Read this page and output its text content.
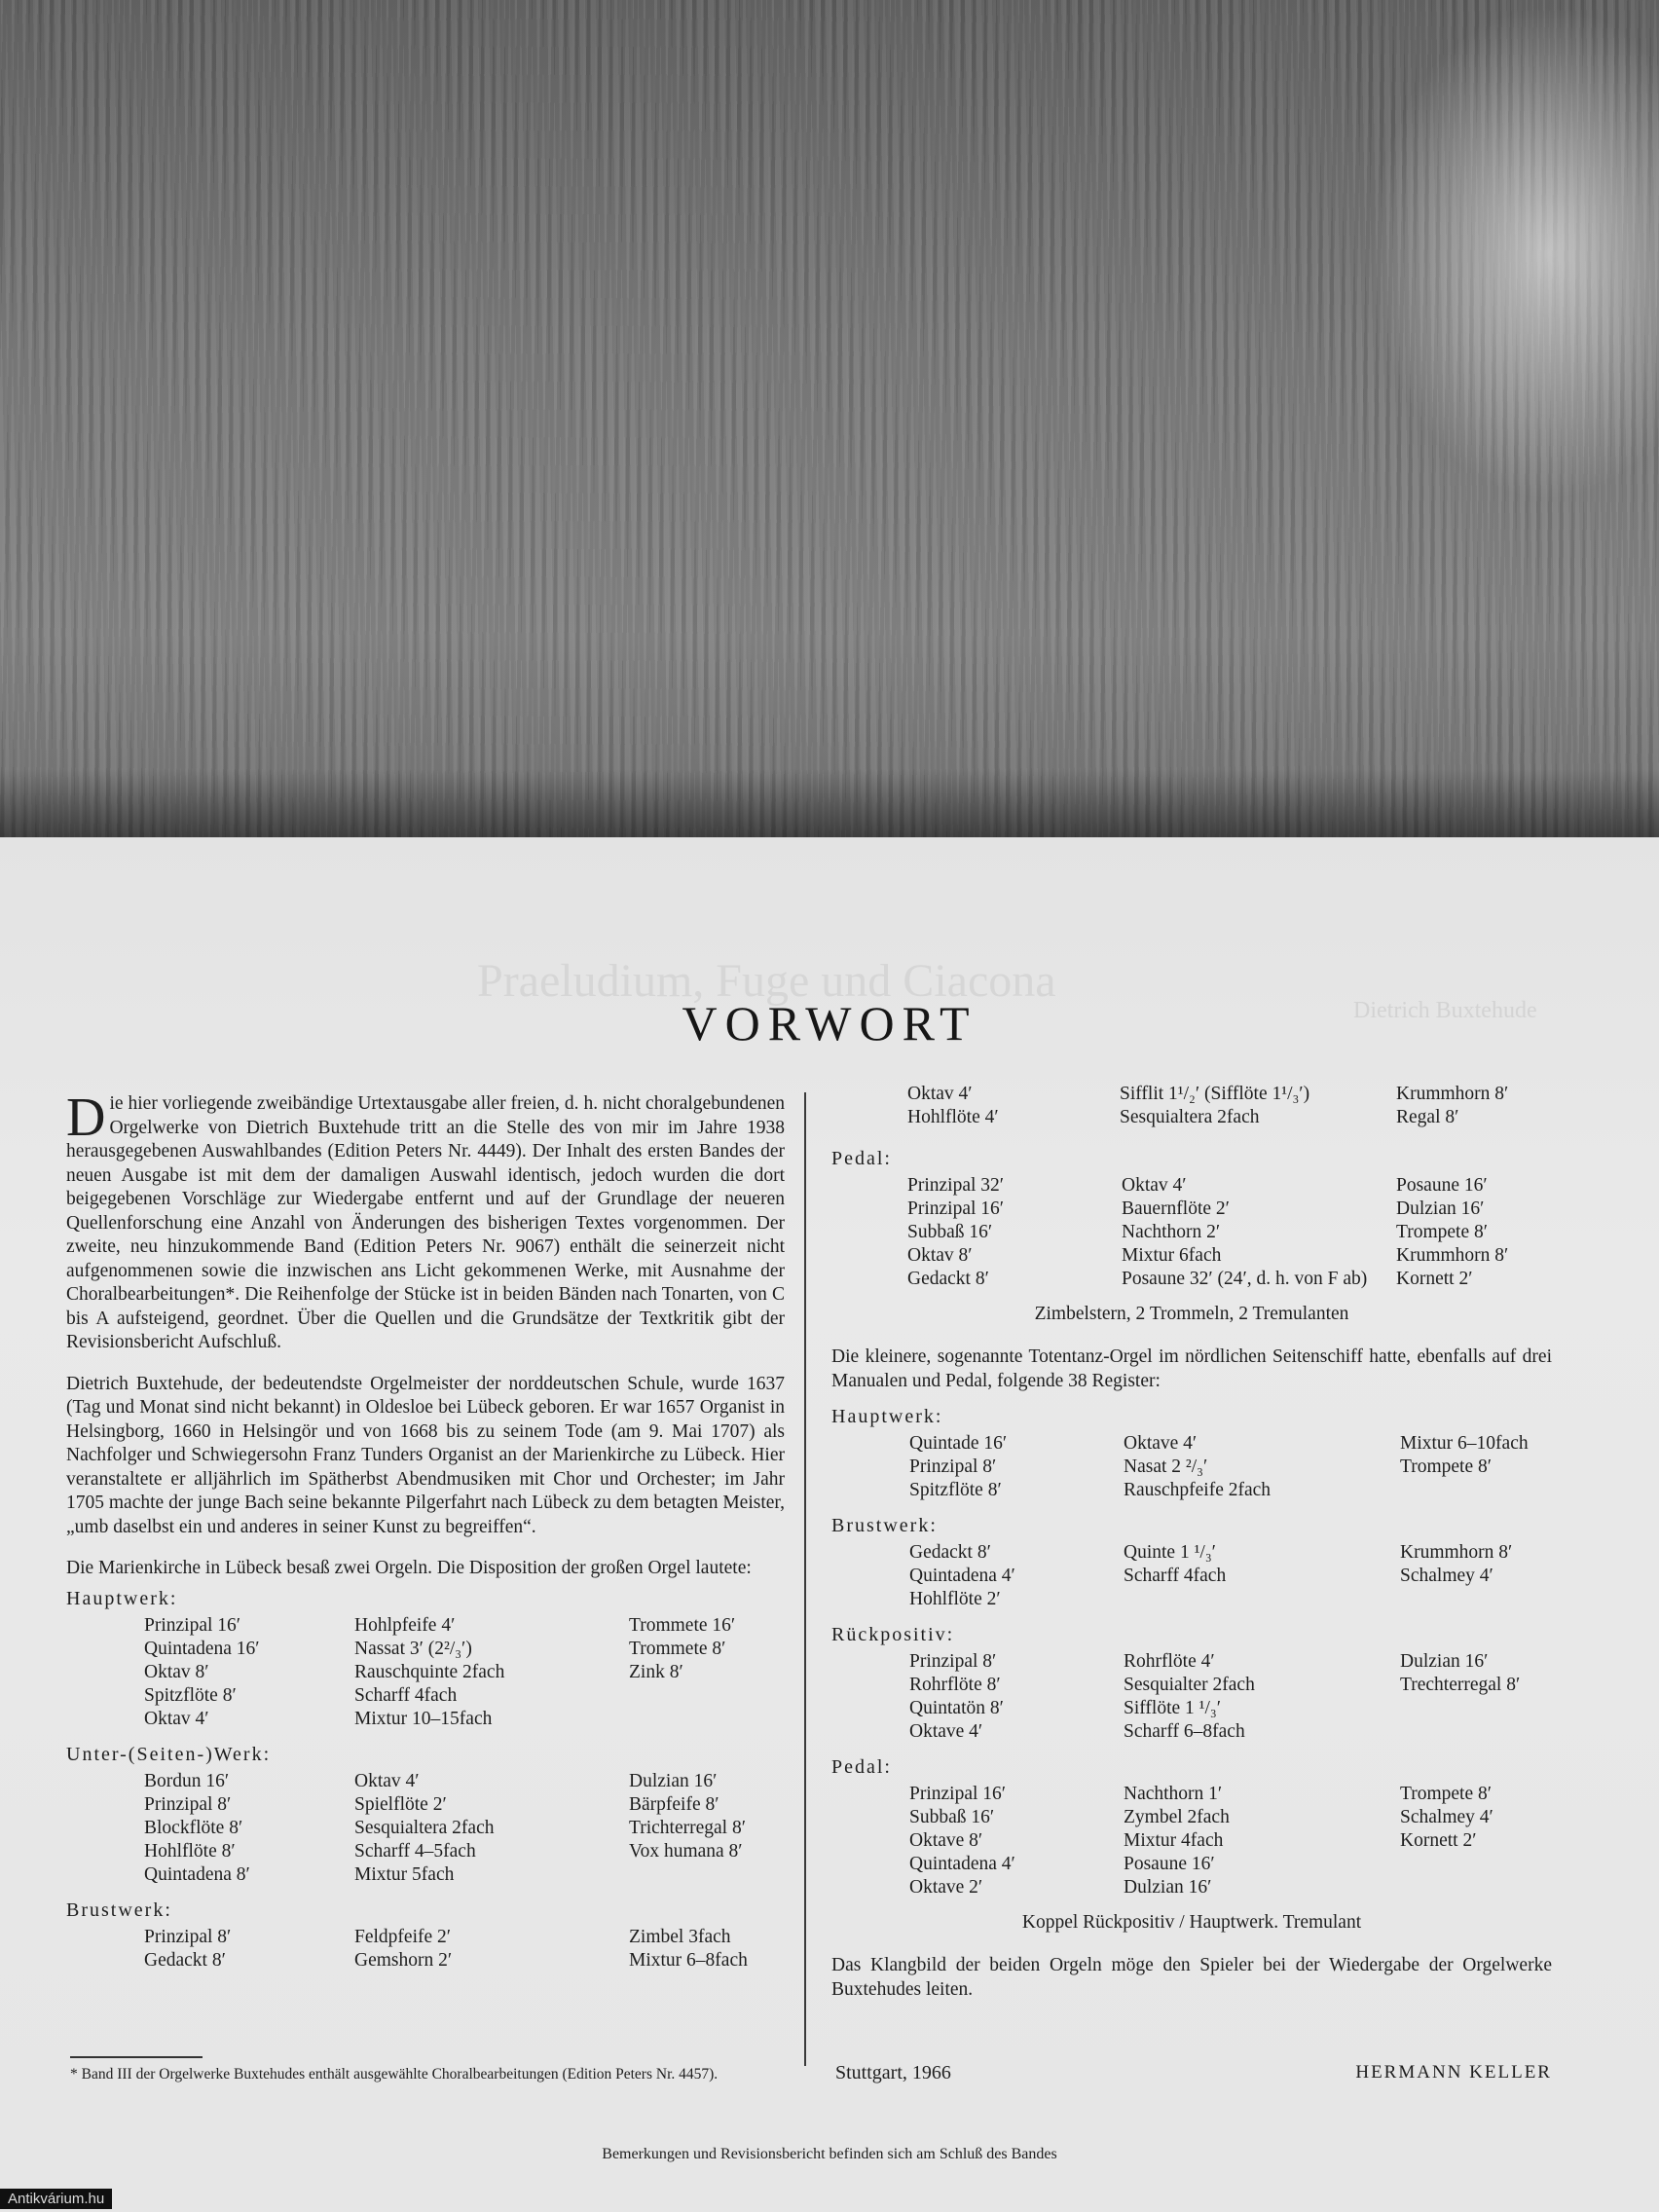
Praeludium, Fuge und Ciacona
Dietrich Buxtehude
VORWORT

Die hier vorliegende zweibändige Urtextausgabe aller freien, d. h. nicht choralgebundenen Orgelwerke von Dietrich Buxtehude tritt an die Stelle des von mir im Jahre 1938 herausgegebenen Auswahlbandes (Edition Peters Nr. 4449). Der Inhalt des ersten Bandes der neuen Ausgabe ist mit dem der damaligen Auswahl identisch, jedoch wurden die dort beigegebenen Vorschläge zur Wiedergabe entfernt und auf der Grundlage der neueren Quellenforschung eine Anzahl von Änderungen des bisherigen Textes vorgenommen. Der zweite, neu hinzukommende Band (Edition Peters Nr. 9067) enthält die seinerzeit nicht aufgenommenen sowie die inzwischen ans Licht gekommenen Werke, mit Ausnahme der Choralbearbeitungen*. Die Reihenfolge der Stücke ist in beiden Bänden nach Tonarten, von C bis A aufsteigend, geordnet. Über die Quellen und die Grundsätze der Textkritik gibt der Revisionsbericht Aufschluß.

Dietrich Buxtehude, der bedeutendste Orgelmeister der norddeutschen Schule, wurde 1637 (Tag und Monat sind nicht bekannt) in Oldesloe bei Lübeck geboren. Er war 1657 Organist in Helsingborg, 1660 in Helsingör und von 1668 bis zu seinem Tode (am 9. Mai 1707) als Nachfolger und Schwiegersohn Franz Tunders Organist an der Marienkirche zu Lübeck. Hier veranstaltete er alljährlich im Spätherbst Abendmusiken mit Chor und Orchester; im Jahr 1705 machte der junge Bach seine bekannte Pilgerfahrt nach Lübeck zu dem betagten Meister, „umb daselbst ein und anderes in seiner Kunst zu begreiffen“.

Die Marienkirche in Lübeck besaß zwei Orgeln. Die Disposition der großen Orgel lautete:

Hauptwerk:
Prinzipal 16′
Quintadena 16′
Oktav 8′
Spitzflöte 8′
Oktav 4′
Hohlpfeife 4′
Nassat 3′ (2²/₃′)
Rauschquinte 2fach
Scharff 4fach
Mixtur 10–15fach
Trommete 16′
Trommete 8′
Zink 8′
Unter-(Seiten-)Werk:
Bordun 16′
Prinzipal 8′
Blockflöte 8′
Hohlflöte 8′
Quintadena 8′
Oktav 4′
Spielflöte 2′
Sesquialtera 2fach
Scharff 4–5fach
Mixtur 5fach
Dulzian 16′
Bärpfeife 8′
Trichterregal 8′
Vox humana 8′
Brustwerk:
Prinzipal 8′
Gedackt 8′
Feldpfeife 2′
Gemshorn 2′
Zimbel 3fach
Mixtur 6–8fach
* Band III der Orgelwerke Buxtehudes enthält ausgewählte Choralbearbeitungen (Edition Peters Nr. 4457).
Oktav 4′
Hohlflöte 4′
Sifflit 1¹/₂′ (Sifflöte 1¹/₃′)
Sesquialtera 2fach
Krummhorn 8′
Regal 8′
Pedal:
Prinzipal 32′
Prinzipal 16′
Subbaß 16′
Oktav 8′
Gedackt 8′
Oktav 4′
Bauernflöte 2′
Nachthorn 2′
Mixtur 6fach
Posaune 32′ (24′, d. h. von F ab)
Posaune 16′
Dulzian 16′
Trompete 8′
Krummhorn 8′
Kornett 2′
Zimbelstern, 2 Trommeln, 2 Tremulanten

Die kleinere, sogenannte Totentanz-Orgel im nördlichen Seitenschiff hatte, ebenfalls auf drei Manualen und Pedal, folgende 38 Register:

Hauptwerk:
Quintade 16′
Prinzipal 8′
Spitzflöte 8′
Oktave 4′
Nasat 2 ²/₃′
Rauschpfeife 2fach
Mixtur 6–10fach
Trompete 8′
Brustwerk:
Gedackt 8′
Quintadena 4′
Hohlflöte 2′
Quinte 1 ¹/₃′
Scharff 4fach
Krummhorn 8′
Schalmey 4′
Rückpositiv:
Prinzipal 8′
Rohrflöte 8′
Quintatön 8′
Oktave 4′
Rohrflöte 4′
Sesquialter 2fach
Sifflöte 1 ¹/₃′
Scharff 6–8fach
Dulzian 16′
Trechterregal 8′
Pedal:
Prinzipal 16′
Subbaß 16′
Oktave 8′
Quintadena 4′
Oktave 2′
Nachthorn 1′
Zymbel 2fach
Mixtur 4fach
Posaune 16′
Dulzian 16′
Trompete 8′
Schalmey 4′
Kornett 2′
Koppel Rückpositiv / Hauptwerk. Tremulant

Das Klangbild der beiden Orgeln möge den Spieler bei der Wiedergabe der Orgelwerke Buxtehudes leiten.

Stuttgart, 1966	HERMANN KELLER
Bemerkungen und Revisionsbericht befinden sich am Schluß des Bandes
Antikvárium.hu
